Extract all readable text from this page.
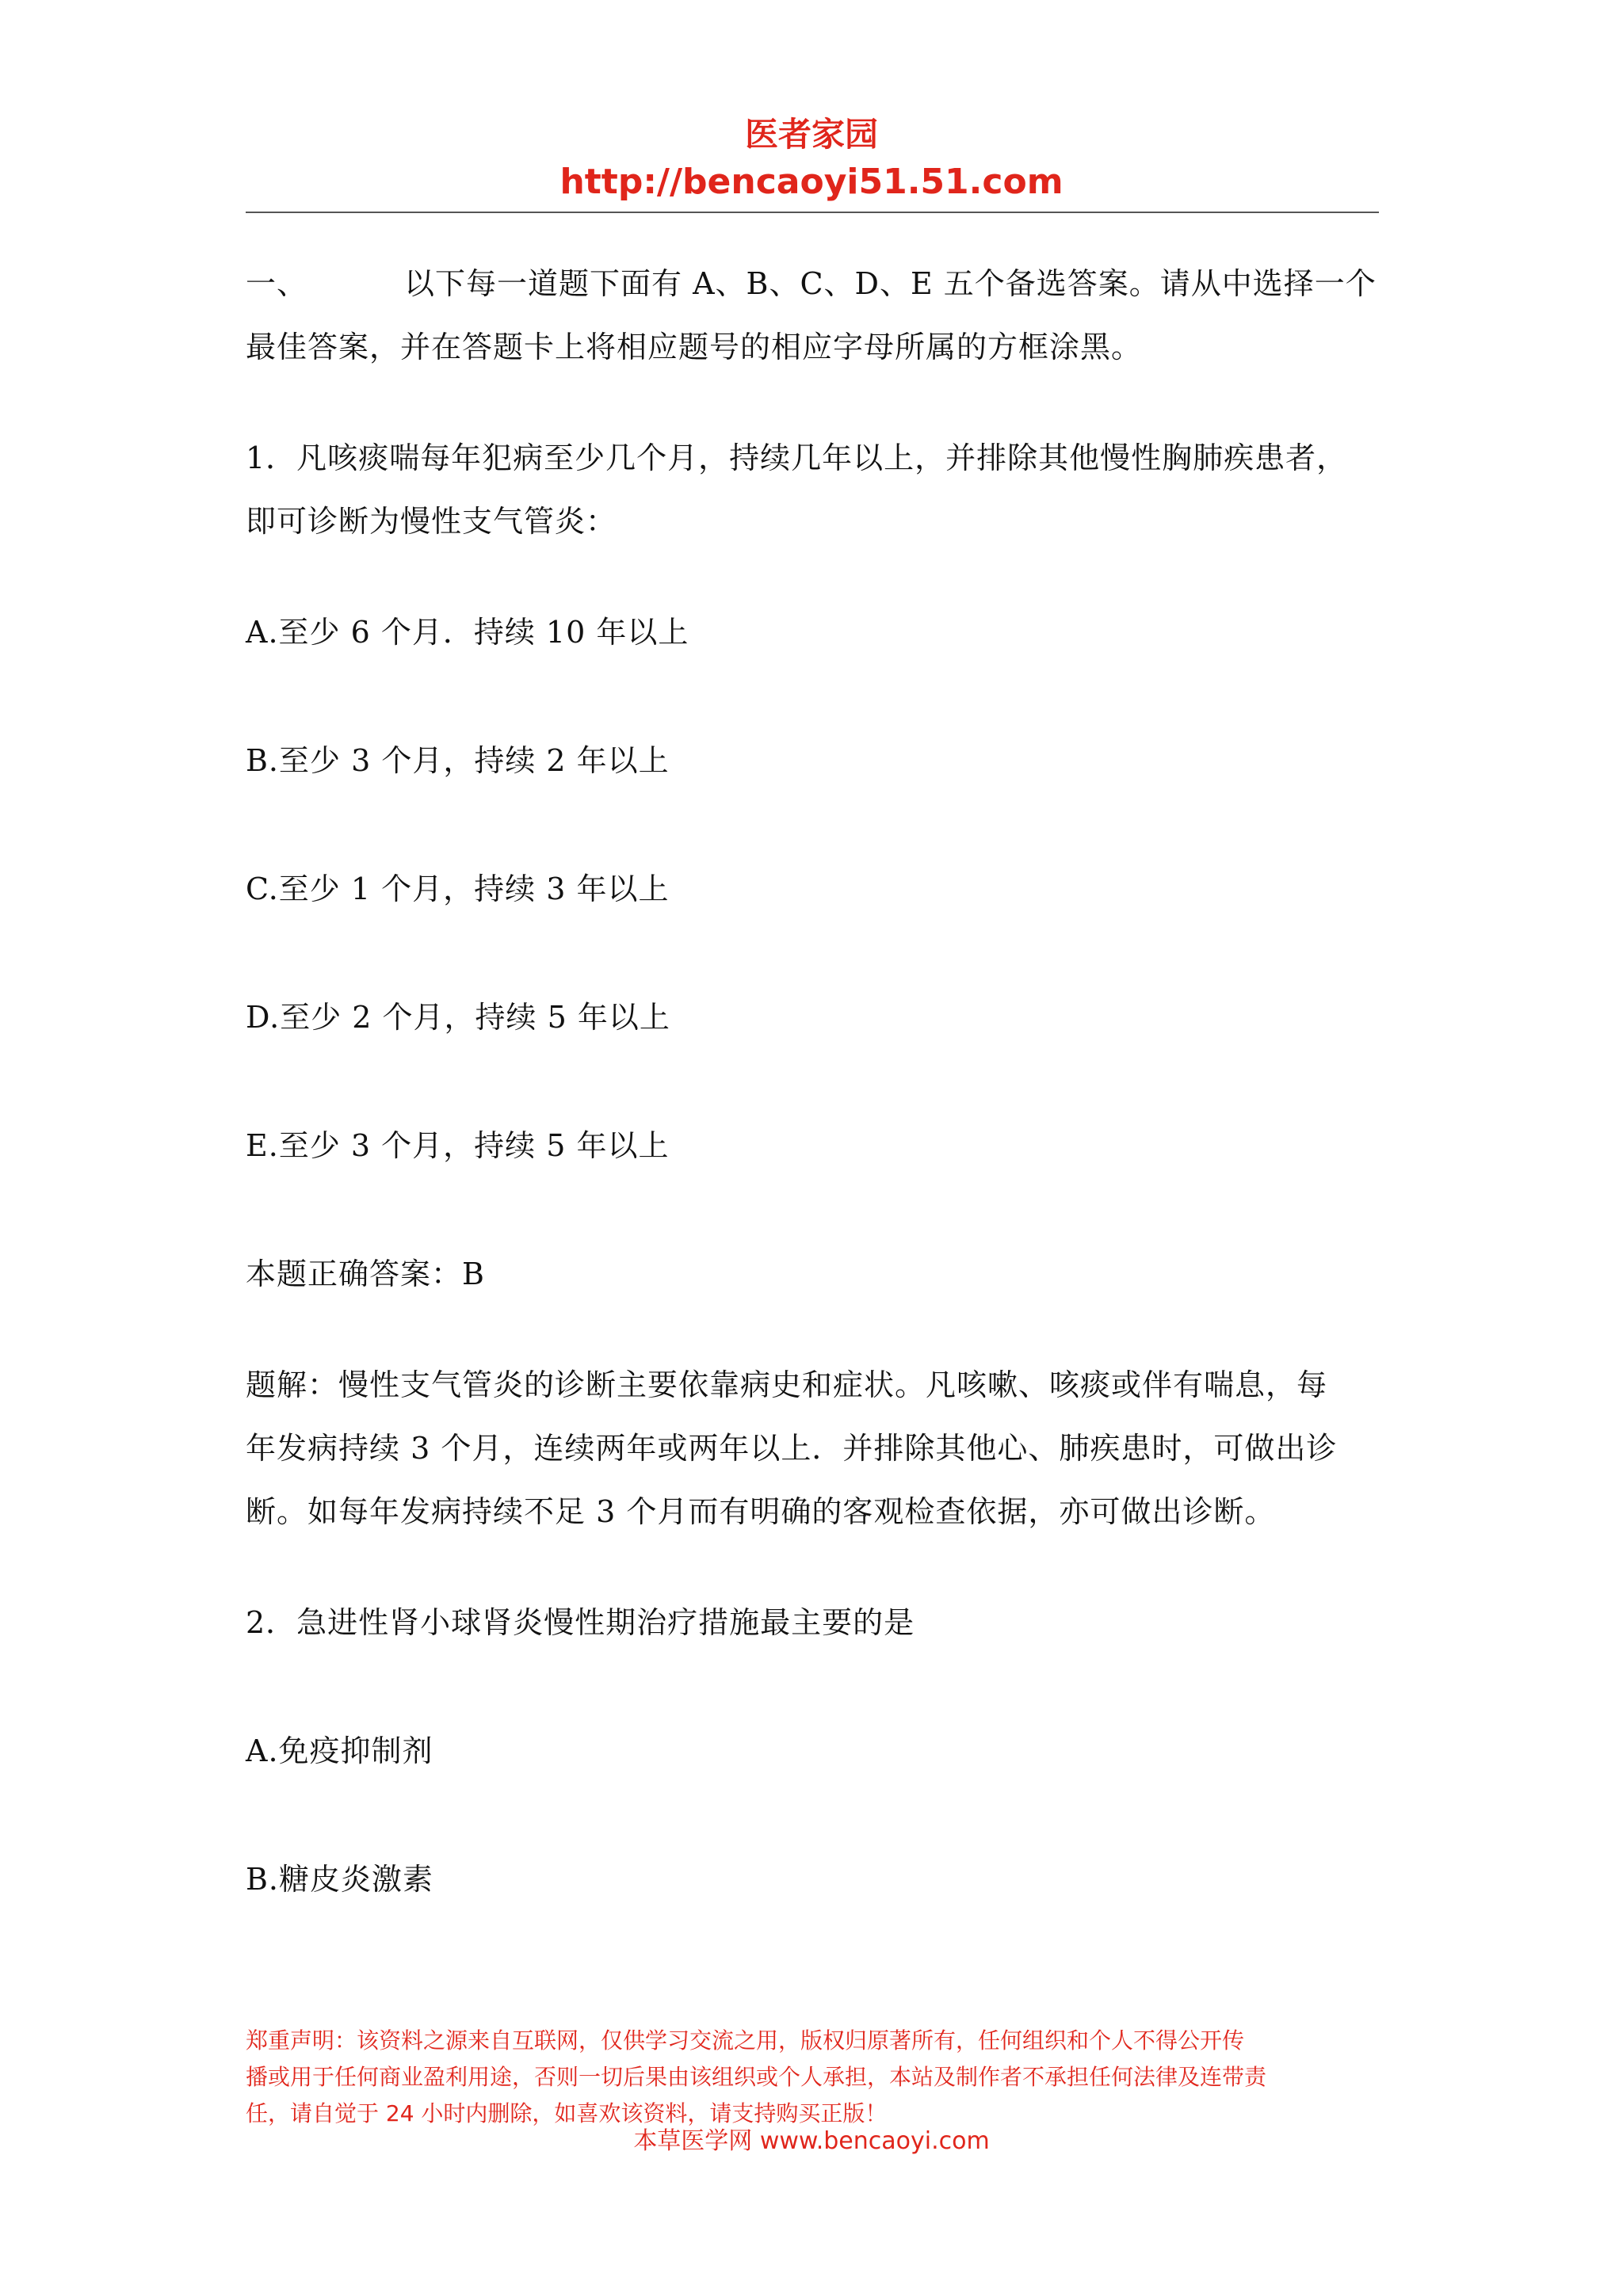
医者家园
http://bencaoyi51.51.com

一、	以下每一道题下面有 A、B、C、D、E 五个备选答案。请从中选择一个
最佳答案，并在答题卡上将相应题号的相应字母所属的方框涂黑。

1．凡咳痰喘每年犯病至少几个月，持续几年以上，并排除其他慢性胸肺疾患者，
即可诊断为慢性支气管炎：

A.至少 6 个月．持续 10 年以上

B.至少 3 个月，持续 2 年以上

C.至少 1 个月，持续 3 年以上

D.至少 2 个月，持续 5 年以上

E.至少 3 个月，持续 5 年以上

本题正确答案：B

题解：慢性支气管炎的诊断主要依靠病史和症状。凡咳嗽、咳痰或伴有喘息，每
年发病持续 3 个月，连续两年或两年以上．并排除其他心、肺疾患时，可做出诊
断。如每年发病持续不足 3 个月而有明确的客观检查依据，亦可做出诊断。

2．急进性肾小球肾炎慢性期治疗措施最主要的是

A.免疫抑制剂

B.糖皮炎激素

郑重声明：该资料之源来自互联网，仅供学习交流之用，版权归原著所有，任何组织和个人不得公开传
播或用于任何商业盈利用途，否则一切后果由该组织或个人承担，本站及制作者不承担任何法律及连带责
任，请自觉于 24 小时内删除，如喜欢该资料，请支持购买正版！
本草医学网 www.bencaoyi.com
